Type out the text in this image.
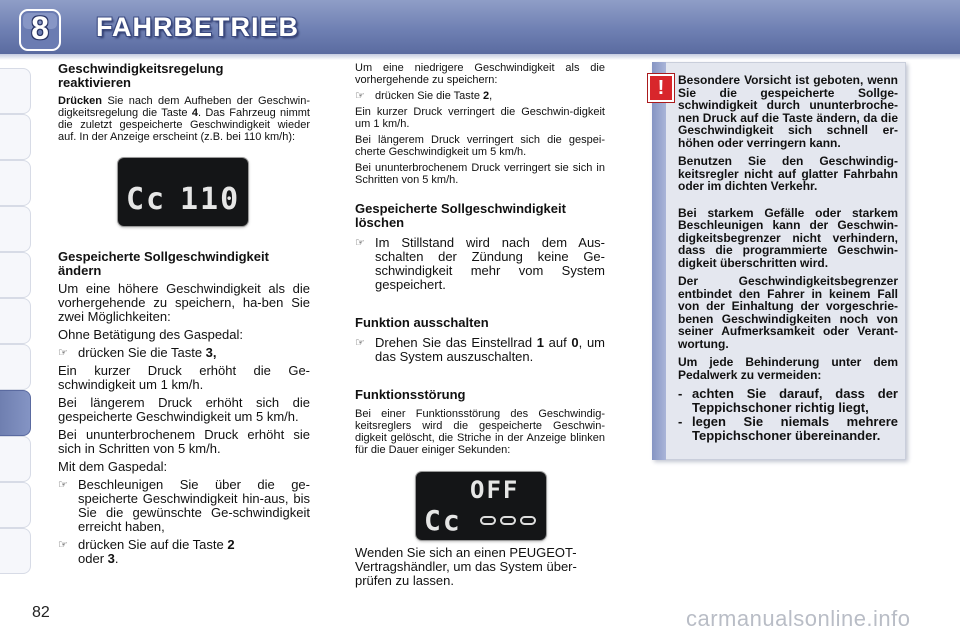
8	FAHRBETRIEB

Geschwindigkeitsregelung reaktivieren

Drücken Sie nach dem Aufheben der Geschwin-digkeitsregelung die Taste 4. Das Fahrzeug nimmt die zuletzt gespeicherte Geschwindigkeit wieder auf. In der Anzeige erscheint (z.B. bei 110 km/h):

Cc 110

Gespeicherte Sollgeschwindigkeit ändern

Um eine höhere Geschwindigkeit als die vorhergehende zu speichern, ha-ben Sie zwei Möglichkeiten:

Ohne Betätigung des Gaspedal:

☞ drücken Sie die Taste 3,

Ein kurzer Druck erhöht die Ge-schwindigkeit um 1 km/h.

Bei längerem Druck erhöht sich die gespeicherte Geschwindigkeit um 5 km/h.

Bei ununterbrochenem Druck erhöht sie sich in Schritten von 5 km/h.

Mit dem Gaspedal:

☞ Beschleunigen Sie über die ge-speicherte Geschwindigkeit hin-aus, bis Sie die gewünschte Ge-schwindigkeit erreicht haben,
☞ drücken Sie auf die Taste 2
oder 3.

Um eine niedrigere Geschwindigkeit als die vorhergehende zu speichern:

☞ drücken Sie die Taste 2,

Ein kurzer Druck verringert die Geschwin-digkeit um 1 km/h.

Bei längerem Druck verringert sich die gespei-cherte Geschwindigkeit um 5 km/h.

Bei ununterbrochenem Druck verringert sie sich in Schritten von 5 km/h.

Gespeicherte Sollgeschwindigkeit löschen

☞ Im Stillstand wird nach dem Aus-schalten der Zündung keine Ge-schwindigkeit mehr vom System gespeichert.

Funktion ausschalten

☞ Drehen Sie das Einstellrad 1 auf 0, um das System auszuschalten.

Funktionsstörung

Bei einer Funktionsstörung des Geschwindig-keitsreglers wird die gespeicherte Geschwin-digkeit gelöscht, die Striche in der Anzeige blinken für die Dauer einiger Sekunden:

OFF
Cc

Wenden Sie sich an einen PEUGEOT-Vertragshändler, um das System über-prüfen zu lassen.

!	Besondere Vorsicht ist geboten, wenn Sie die gespeicherte Sollge-schwindigkeit durch ununterbroche-nen Druck auf die Taste ändern, da die Geschwindigkeit sich schnell er-höhen oder verringern kann.

Benutzen Sie den Geschwindig-keitsregler nicht auf glatter Fahrbahn oder im dichten Verkehr.

Bei starkem Gefälle oder starkem Beschleunigen kann der Geschwin-digkeitsbegrenzer nicht verhindern, dass die programmierte Geschwin-digkeit überschritten wird.

Der Geschwindigkeitsbegrenzer entbindet den Fahrer in keinem Fall von der Einhaltung der vorgeschrie-benen Geschwindigkeiten noch von seiner Aufmerksamkeit oder Verant-wortung.

Um jede Behinderung unter dem Pedalwerk zu vermeiden:

- achten Sie darauf, dass der Teppichschoner richtig liegt,
- legen Sie niemals mehrere Teppichschoner übereinander.
82	carmanualsonline.info
